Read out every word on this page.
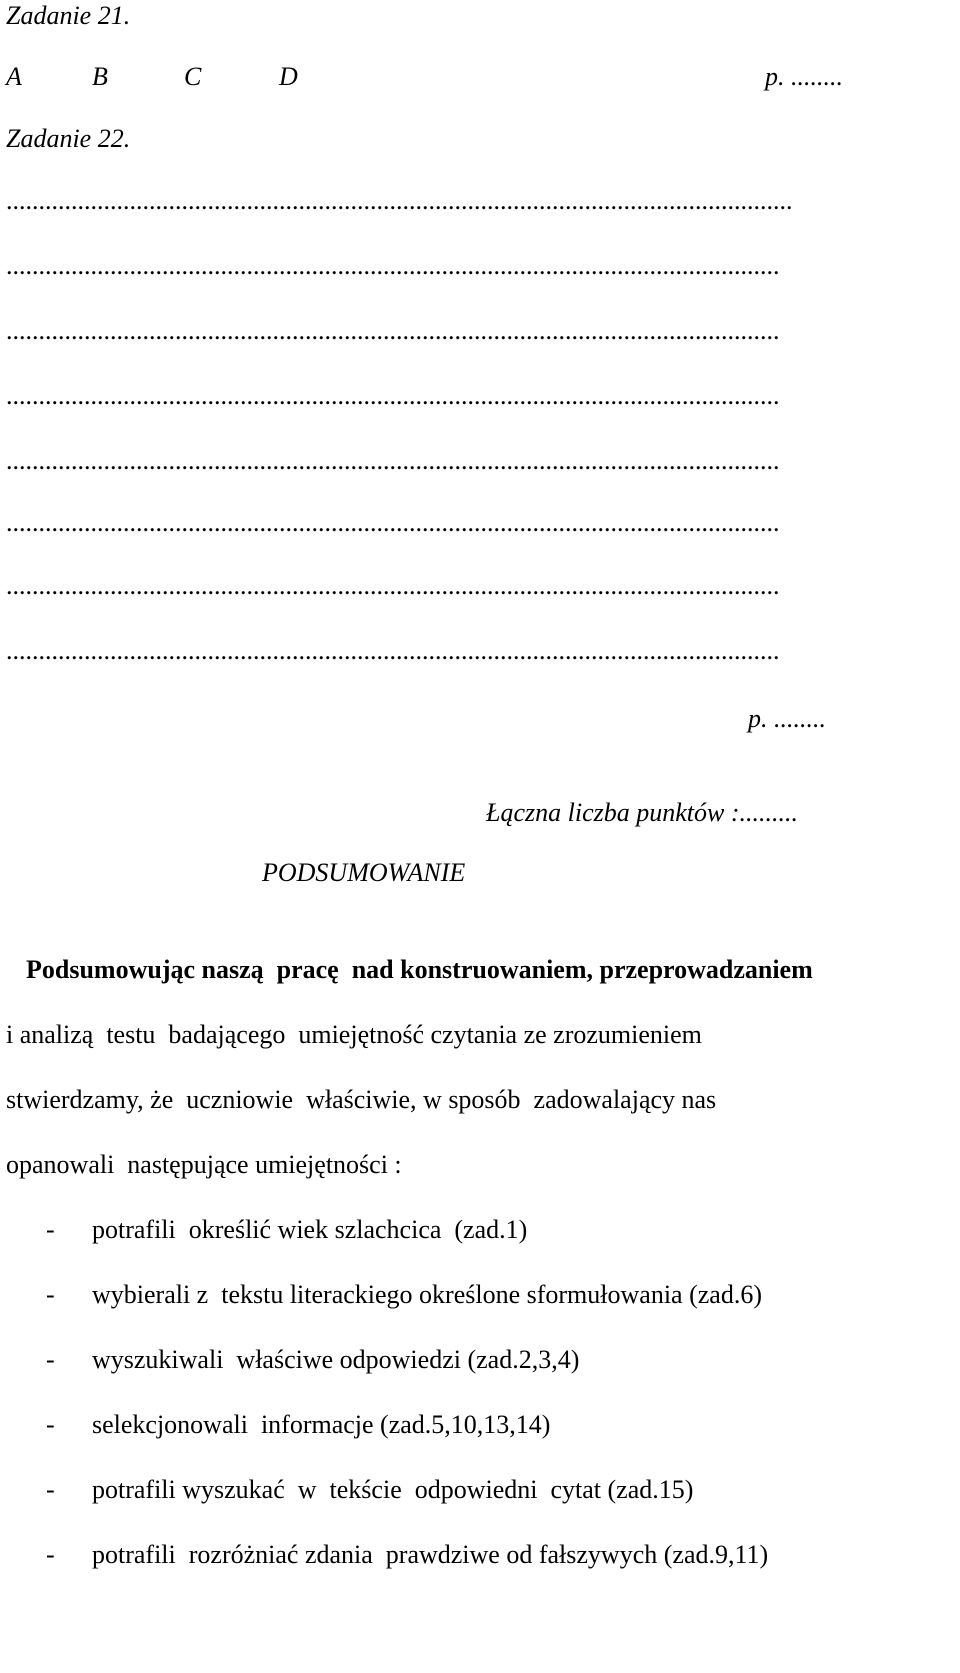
Zadanie 21.
A	B	C	D	p. ........
Zadanie 22.
.........................................................................................................................
.......................................................................................................................
.......................................................................................................................
.......................................................................................................................
.......................................................................................................................
.......................................................................................................................
.......................................................................................................................
.......................................................................................................................
p. ........
Łączna liczba punktów :.........
PODSUMOWANIE
Podsumowując naszą  pracę  nad konstruowaniem, przeprowadzaniem
i analizą  testu  badającego  umiejętność czytania ze zrozumieniem
stwierdzamy, że  uczniowie  właściwie, w sposób  zadowalający nas
opanowali  następujące umiejętności :
- potrafili  określić wiek szlachcica  (zad.1)
- wybierali z  tekstu literackiego określone sformułowania (zad.6)
- wyszukiwali  właściwe odpowiedzi (zad.2,3,4)
- selekcjonowali  informacje (zad.5,10,13,14)
- potrafili wyszukać  w  tekście  odpowiedni  cytat (zad.15)
- potrafili  rozróżniać zdania  prawdziwe od fałszywych (zad.9,11)
